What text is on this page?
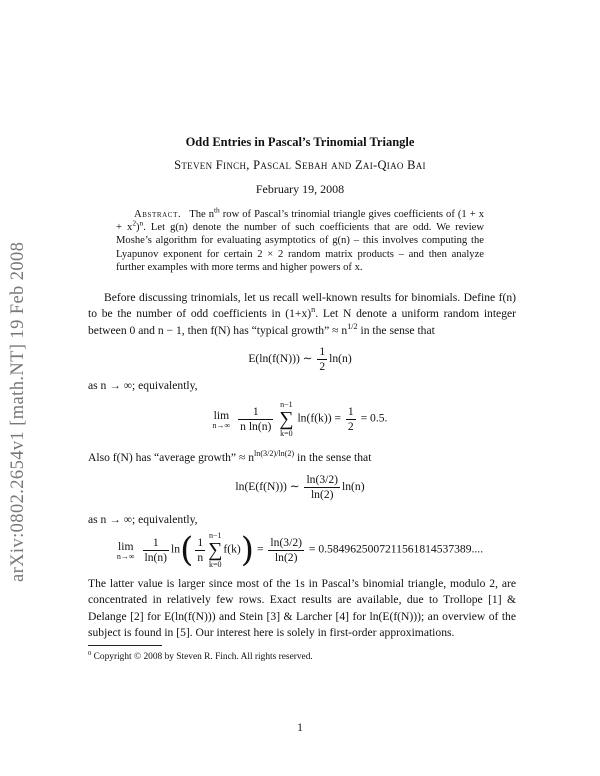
arXiv:0802.2654v1 [math.NT] 19 Feb 2008
Odd Entries in Pascal’s Trinomial Triangle
Steven Finch, Pascal Sebah and Zai-Qiao Bai
February 19, 2008
Abstract. The $n^{th}$ row of Pascal’s trinomial triangle gives coefficients of $(1 + x + x^2)^n$. Let g(n) denote the number of such coefficients that are odd. We review Moshe’s algorithm for evaluating asymptotics of g(n) – this involves computing the Lyapunov exponent for certain 2 × 2 random matrix products – and then analyze further examples with more terms and higher powers of x.
Before discussing trinomials, let us recall well-known results for binomials. Define f(n) to be the number of odd coefficients in $(1+x)^n$. Let N denote a uniform random integer between 0 and n − 1, then f(N) has “typical growth” ≈ $n^{1/2}$ in the sense that
E(ln(f(N))) ∼ $\frac{1}{2} \ln(n)$
as n → ∞; equivalently,
lim
n→∞
$\frac{1}{\text{n ln(n)}}$
n−1
∑
k=0
$\ln(f(k)) = \frac{1}{2} = 0.5$.
Also f(N) has “average growth” ≈ $n^{ln(3/2)/ln(2)}$ in the sense that
ln(E(f(N))) ∼ $\frac{\ln(3/2)}{\ln(2)} \ln(n)$
as n → ∞; equivalently,
lim
n→∞
$\frac{1}{\ln(n)} \ln( \frac{1}{n} n-1$
∑
k=0
$f(k)) = \frac{\ln(3/2)}{\ln(2)} = 0.5849625007211561814537389$....
The latter value is larger since most of the 1s in Pascal’s binomial triangle, modulo 2, are concentrated in relatively few rows. Exact results are available, due to Trollope [1] & Delange [2] for E(ln(f(N))) and Stein [3] & Larcher [4] for ln(E(f(N))); an overview of the subject is found in [5]. Our interest here is solely in first-order approximations.
$^0$ Copyright © 2008 by Steven R. Finch. All rights reserved.
1
